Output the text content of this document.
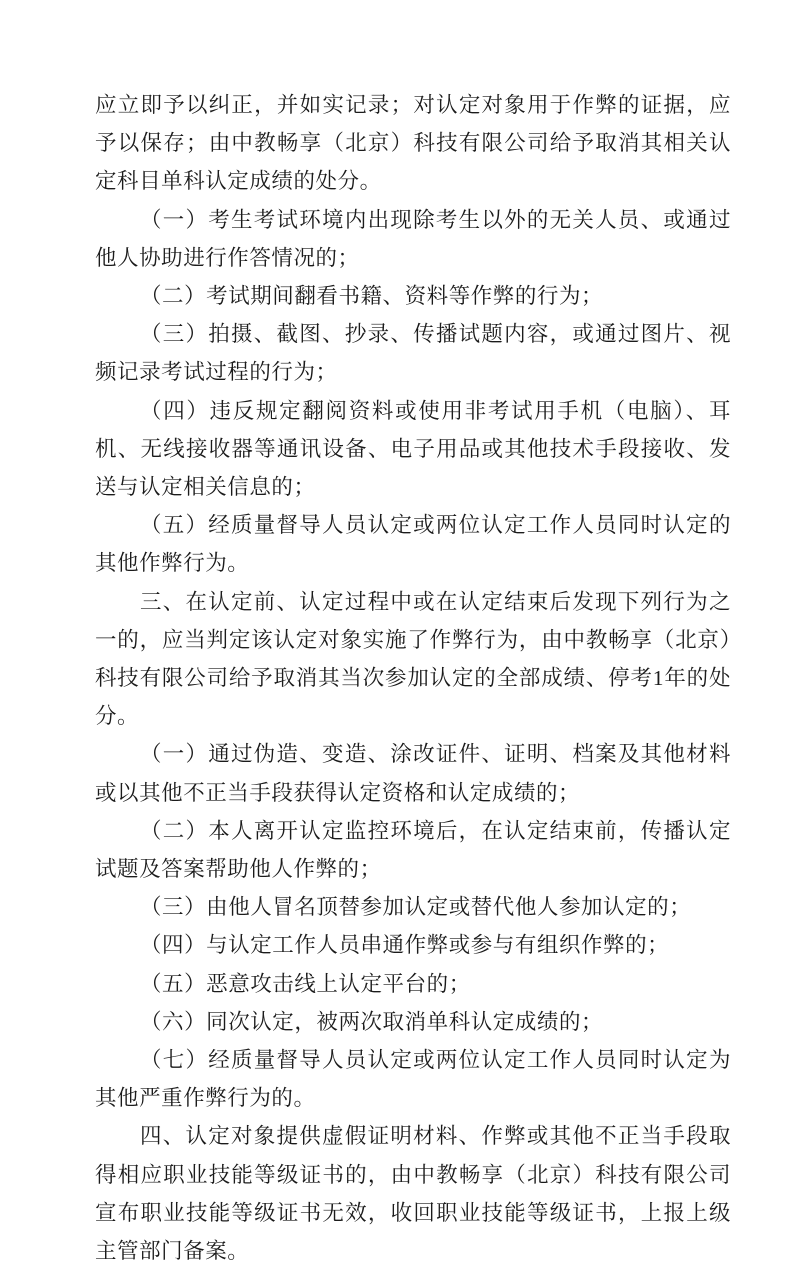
应立即予以纠正，并如实记录；对认定对象用于作弊的证据，应予以保存；由中教畅享（北京）科技有限公司给予取消其相关认定科目单科认定成绩的处分。

（一）考生考试环境内出现除考生以外的无关人员、或通过他人协助进行作答情况的；

（二）考试期间翻看书籍、资料等作弊的行为；

（三）拍摄、截图、抄录、传播试题内容，或通过图片、视频记录考试过程的行为；

（四）违反规定翻阅资料或使用非考试用手机（电脑）、耳机、无线接收器等通讯设备、电子用品或其他技术手段接收、发送与认定相关信息的；

（五）经质量督导人员认定或两位认定工作人员同时认定的其他作弊行为。

三、在认定前、认定过程中或在认定结束后发现下列行为之一的，应当判定该认定对象实施了作弊行为，由中教畅享（北京）科技有限公司给予取消其当次参加认定的全部成绩、停考1年的处分。

（一）通过伪造、变造、涂改证件、证明、档案及其他材料或以其他不正当手段获得认定资格和认定成绩的；

（二）本人离开认定监控环境后，在认定结束前，传播认定试题及答案帮助他人作弊的；

（三）由他人冒名顶替参加认定或替代他人参加认定的；

（四）与认定工作人员串通作弊或参与有组织作弊的；

（五）恶意攻击线上认定平台的；

（六）同次认定，被两次取消单科认定成绩的；

（七）经质量督导人员认定或两位认定工作人员同时认定为其他严重作弊行为的。

四、认定对象提供虚假证明材料、作弊或其他不正当手段取得相应职业技能等级证书的，由中教畅享（北京）科技有限公司宣布职业技能等级证书无效，收回职业技能等级证书，上报上级主管部门备案。
